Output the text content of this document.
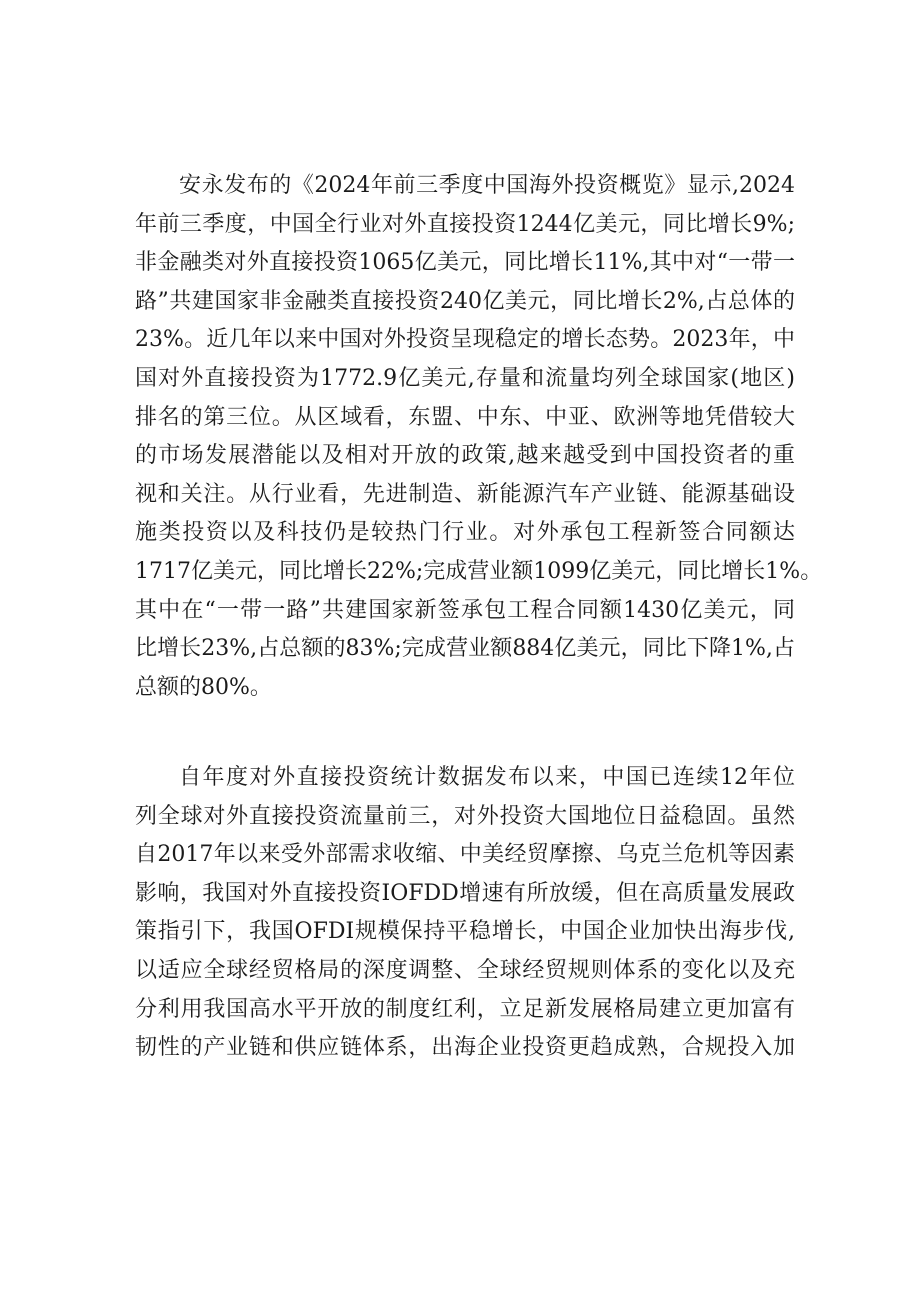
安永发布的《2024年前三季度中国海外投资概览》显示,2024
年前三季度，中国全行业对外直接投资1244亿美元，同比增长9%;
非金融类对外直接投资1065亿美元，同比增长11%,其中对“一带一
路”共建国家非金融类直接投资240亿美元，同比增长2%,占总体的
23%。近几年以来中国对外投资呈现稳定的增长态势。2023年，中
国对外直接投资为1772.9亿美元,存量和流量均列全球国家(地区)
排名的第三位。从区域看，东盟、中东、中亚、欧洲等地凭借较大
的市场发展潜能以及相对开放的政策,越来越受到中国投资者的重
视和关注。从行业看，先进制造、新能源汽车产业链、能源基础设
施类投资以及科技仍是较热门行业。对外承包工程新签合同额达
1717亿美元，同比增长22%;完成营业额1099亿美元，同比增长1%。
其中在“一带一路”共建国家新签承包工程合同额1430亿美元，同
比增长23%,占总额的83%;完成营业额884亿美元，同比下降1%,占
总额的80%。
自年度对外直接投资统计数据发布以来，中国已连续12年位
列全球对外直接投资流量前三，对外投资大国地位日益稳固。虽然
自2017年以来受外部需求收缩、中美经贸摩擦、乌克兰危机等因素
影响，我国对外直接投资IOFDD增速有所放缓，但在高质量发展政
策指引下，我国OFDI规模保持平稳增长，中国企业加快出海步伐,
以适应全球经贸格局的深度调整、全球经贸规则体系的变化以及充
分利用我国高水平开放的制度红利，立足新发展格局建立更加富有
韧性的产业链和供应链体系，出海企业投资更趋成熟，合规投入加
